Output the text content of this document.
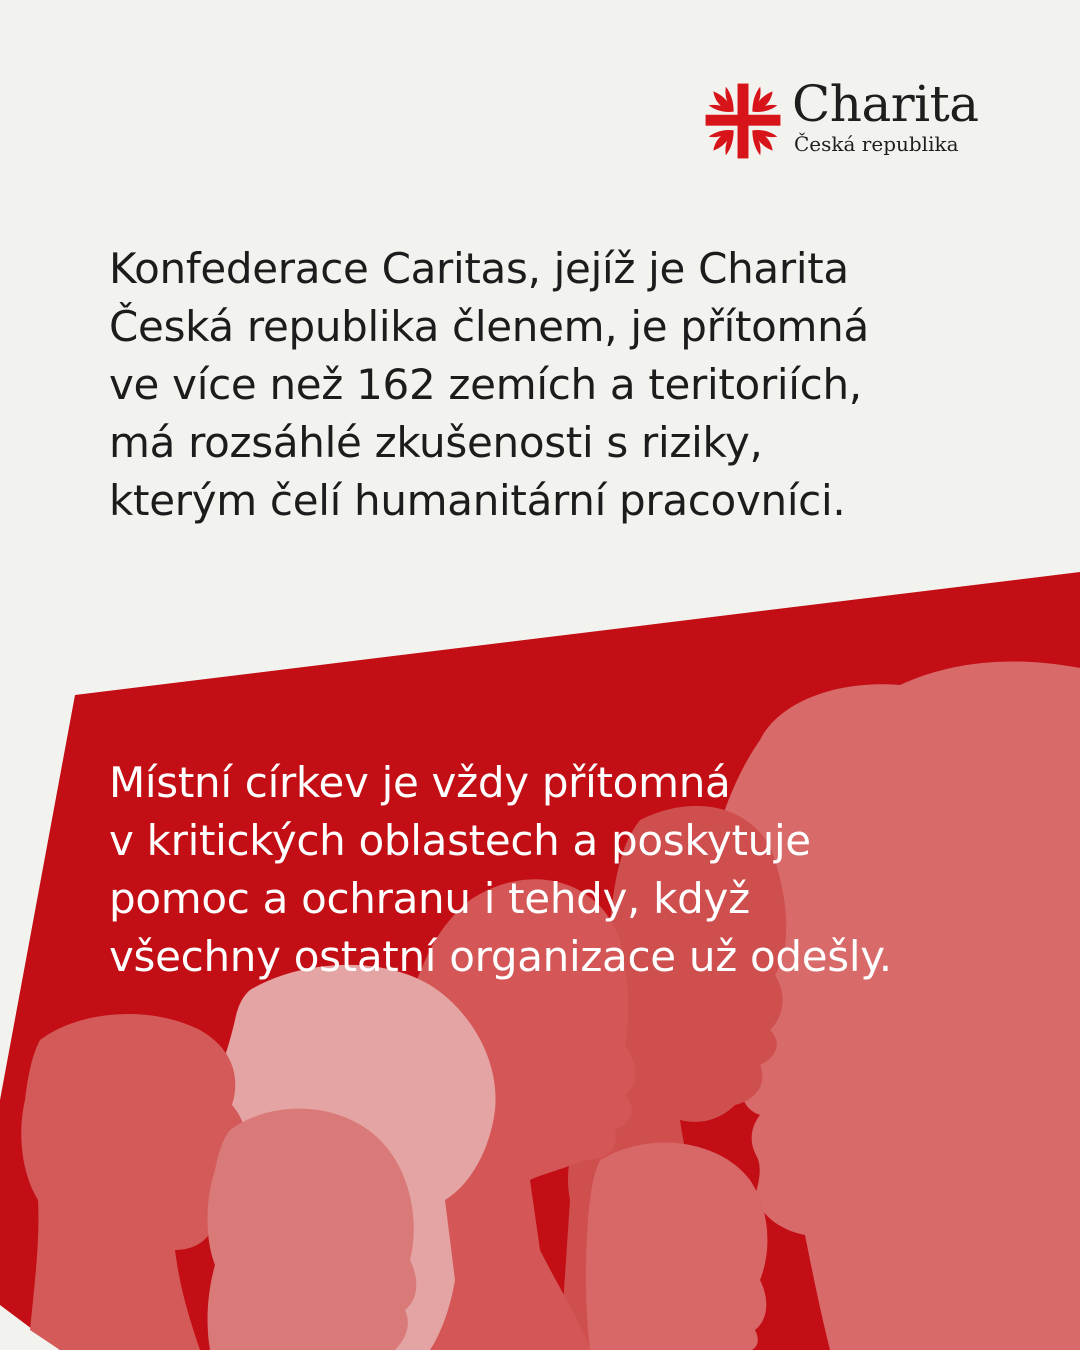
Charita
Česká republika

Konfederace Caritas, jejíž je Charita
Česká republika členem, je přítomná
ve více než 162 zemích a teritoriích,
má rozsáhlé zkušenosti s riziky,
kterým čelí humanitární pracovníci.

Místní církev je vždy přítomná
v kritických oblastech a poskytuje
pomoc a ochranu i tehdy, když
všechny ostatní organizace už odešly.
